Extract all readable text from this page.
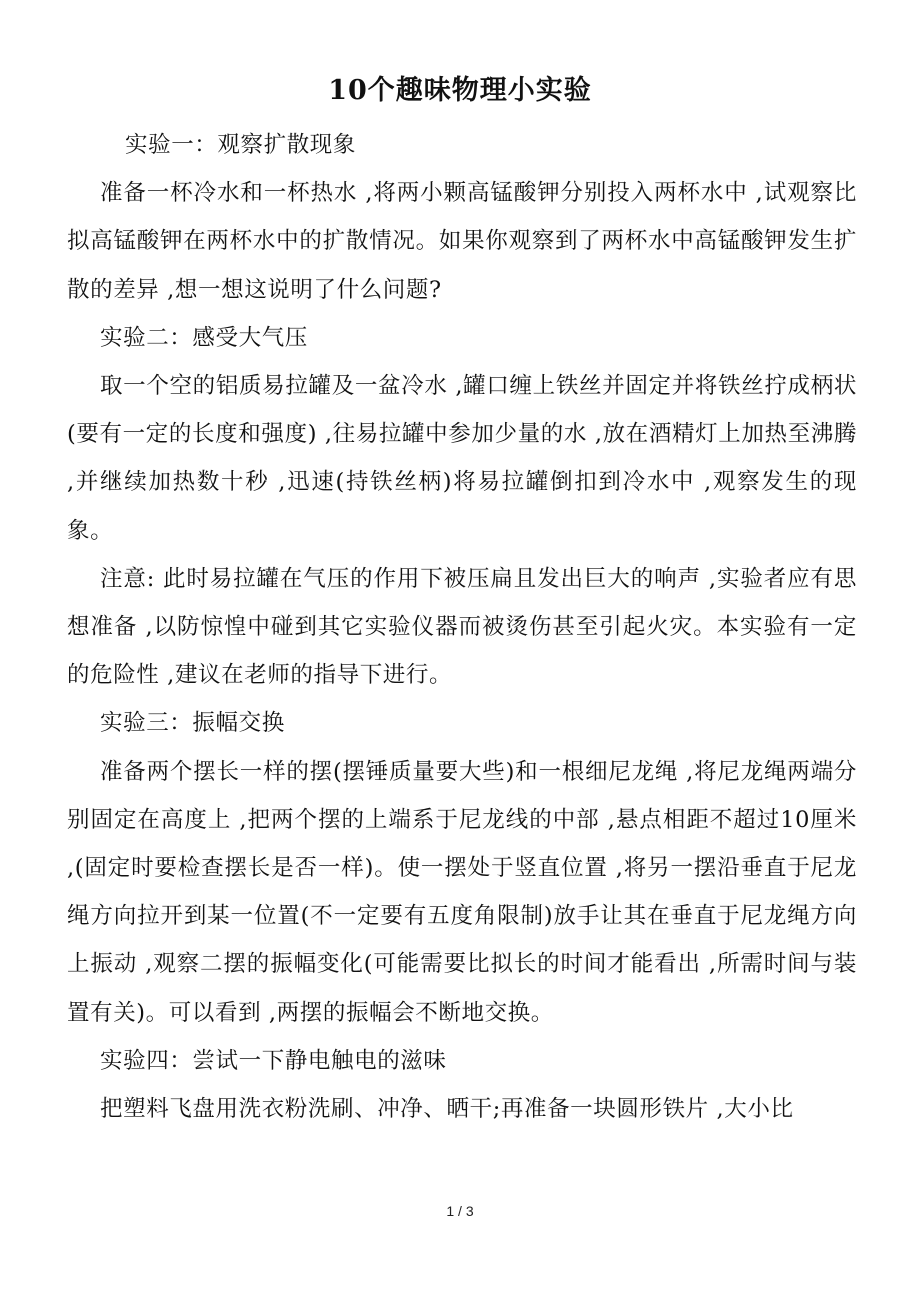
10个趣味物理小实验

实验一：观察扩散现象

准备一杯冷水和一杯热水 ,将两小颗高锰酸钾分别投入两杯水中 ,试观察比拟高锰酸钾在两杯水中的扩散情况。如果你观察到了两杯水中高锰酸钾发生扩散的差异 ,想一想这说明了什么问题?

实验二：感受大气压

取一个空的铝质易拉罐及一盆冷水 ,罐口缠上铁丝并固定并将铁丝拧成柄状(要有一定的长度和强度) ,往易拉罐中参加少量的水 ,放在酒精灯上加热至沸腾 ,并继续加热数十秒 ,迅速(持铁丝柄)将易拉罐倒扣到冷水中 ,观察发生的现象。

注意: 此时易拉罐在气压的作用下被压扁且发出巨大的响声 ,实验者应有思想准备 ,以防惊惶中碰到其它实验仪器而被烫伤甚至引起火灾。本实验有一定的危险性 ,建议在老师的指导下进行。

实验三：振幅交换

准备两个摆长一样的摆(摆锤质量要大些)和一根细尼龙绳 ,将尼龙绳两端分别固定在高度上 ,把两个摆的上端系于尼龙线的中部 ,悬点相距不超过10厘米 ,(固定时要检查摆长是否一样)。使一摆处于竖直位置 ,将另一摆沿垂直于尼龙绳方向拉开到某一位置(不一定要有五度角限制)放手让其在垂直于尼龙绳方向上振动 ,观察二摆的振幅变化(可能需要比拟长的时间才能看出 ,所需时间与装置有关)。可以看到 ,两摆的振幅会不断地交换。

实验四：尝试一下静电触电的滋味

把塑料飞盘用洗衣粉洗刷、冲净、晒干;再准备一块圆形铁片 ,大小比

1 / 3
